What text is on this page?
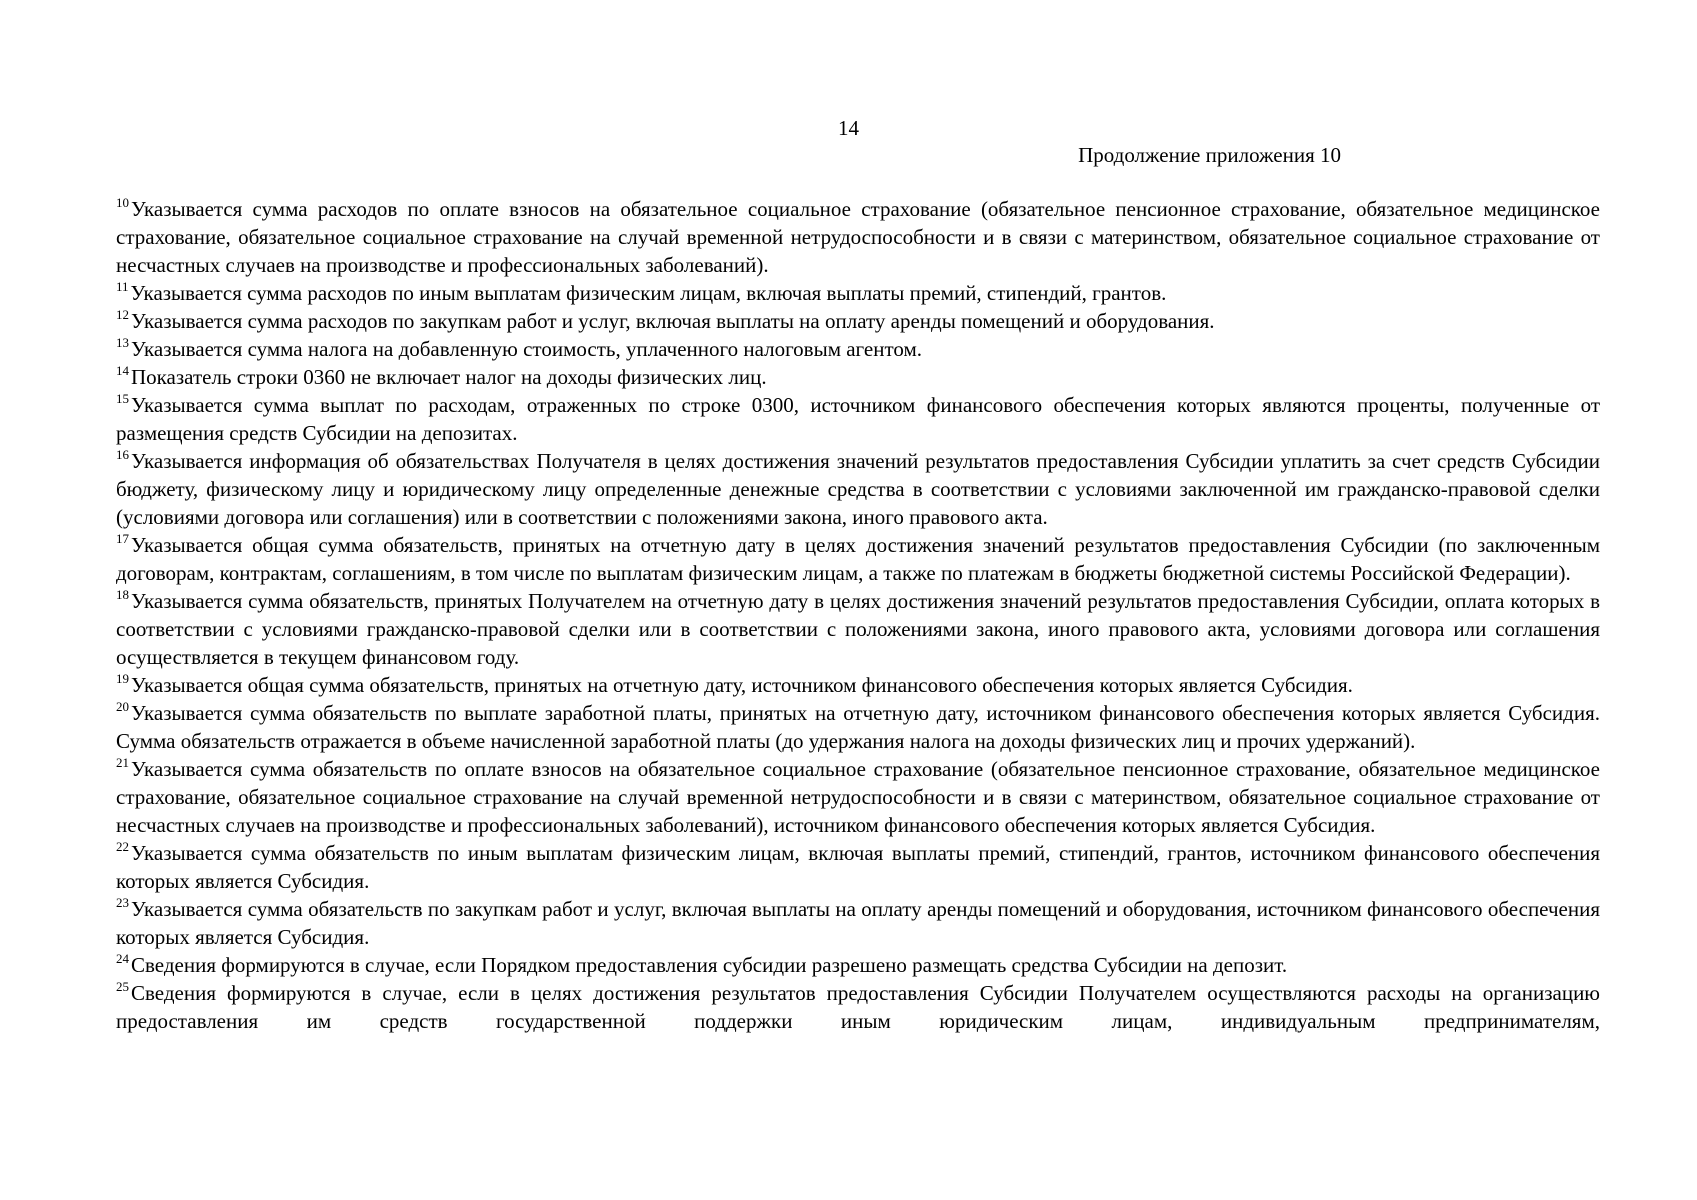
14
Продолжение приложения 10

$^{10}$Указывается сумма расходов по оплате взносов на обязательное социальное страхование (обязательное пенсионное страхование, обязательное медицинское страхование, обязательное социальное страхование на случай временной нетрудоспособности и в связи с материнством, обязательное социальное страхование от несчастных случаев на производстве и профессиональных заболеваний).

$^{11}$Указывается сумма расходов по иным выплатам физическим лицам, включая выплаты премий, стипендий, грантов.

$^{12}$Указывается сумма расходов по закупкам работ и услуг, включая выплаты на оплату аренды помещений и оборудования.

$^{13}$Указывается сумма налога на добавленную стоимость, уплаченного налоговым агентом.

$^{14}$Показатель строки 0360 не включает налог на доходы физических лиц.

$^{15}$Указывается сумма выплат по расходам, отраженных по строке 0300, источником финансового обеспечения которых являются проценты, полученные от размещения средств Субсидии на депозитах.

$^{16}$Указывается информация об обязательствах Получателя в целях достижения значений результатов предоставления Субсидии уплатить за счет средств Субсидии бюджету, физическому лицу и юридическому лицу определенные денежные средства в соответствии с условиями заключенной им гражданско-правовой сделки (условиями договора или соглашения) или в соответствии с положениями закона, иного правового акта.

$^{17}$Указывается общая сумма обязательств, принятых на отчетную дату в целях достижения значений результатов предоставления Субсидии (по заключенным договорам, контрактам, соглашениям, в том числе по выплатам физическим лицам, а также по платежам в бюджеты бюджетной системы Российской Федерации).

$^{18}$Указывается сумма обязательств, принятых Получателем на отчетную дату в целях достижения значений результатов предоставления Субсидии, оплата которых в соответствии с условиями гражданско-правовой сделки или в соответствии с положениями закона, иного правового акта, условиями договора или соглашения осуществляется в текущем финансовом году.

$^{19}$Указывается общая сумма обязательств, принятых на отчетную дату, источником финансового обеспечения которых является Субсидия.

$^{20}$Указывается сумма обязательств по выплате заработной платы, принятых на отчетную дату, источником финансового обеспечения которых является Субсидия. Сумма обязательств отражается в объеме начисленной заработной платы (до удержания налога на доходы физических лиц и прочих удержаний).

$^{21}$Указывается сумма обязательств по оплате взносов на обязательное социальное страхование (обязательное пенсионное страхование, обязательное медицинское страхование, обязательное социальное страхование на случай временной нетрудоспособности и в связи с материнством, обязательное социальное страхование от несчастных случаев на производстве и профессиональных заболеваний), источником финансового обеспечения которых является Субсидия.

$^{22}$Указывается сумма обязательств по иным выплатам физическим лицам, включая выплаты премий, стипендий, грантов, источником финансового обеспечения которых является Субсидия.

$^{23}$Указывается сумма обязательств по закупкам работ и услуг, включая выплаты на оплату аренды помещений и оборудования, источником финансового обеспечения которых является Субсидия.

$^{24}$Сведения формируются в случае, если Порядком предоставления субсидии разрешено размещать средства Субсидии на депозит.

$^{25}$Сведения формируются в случае, если в целях достижения результатов предоставления Субсидии Получателем осуществляются расходы на организацию предоставления им средств государственной поддержки иным юридическим лицам, индивидуальным предпринимателям,
